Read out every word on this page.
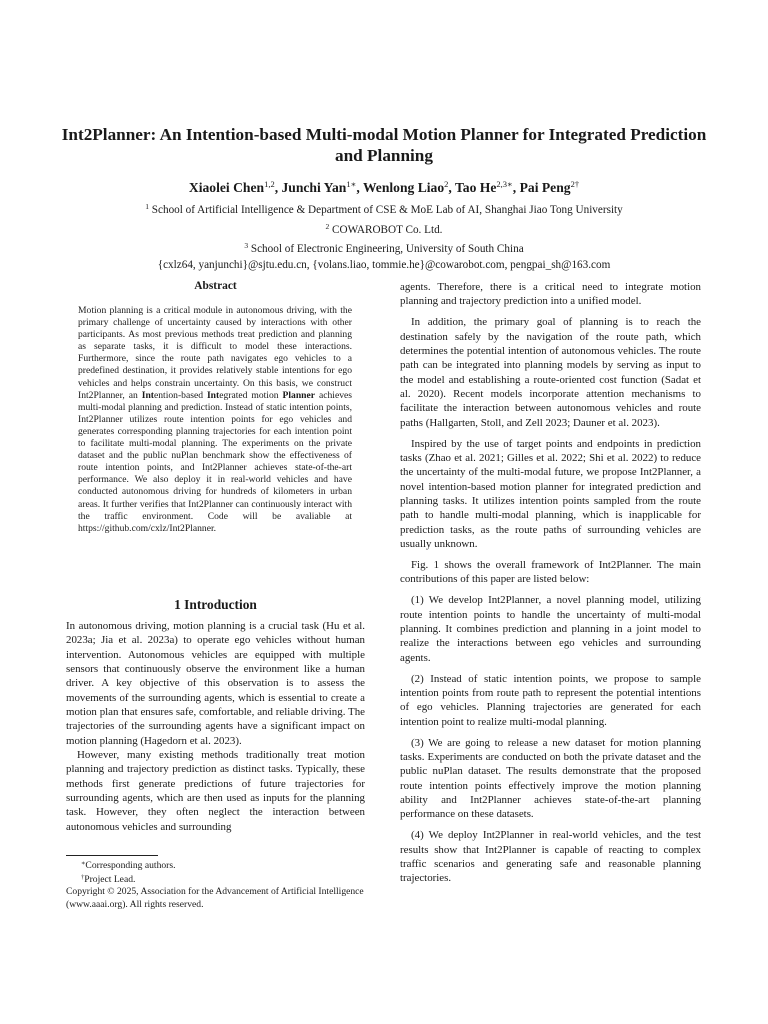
Int2Planner: An Intention-based Multi-modal Motion Planner for Integrated Prediction and Planning
Xiaolei Chen$^{1,2}$, Junchi Yan$^{1∗}$, Wenlong Liao$^2$, Tao $He^{2,3∗}$, Pai Peng$^{2\dagger}$
$^1$ School of Artificial Intelligence & Department of CSE & MoE Lab of AI, Shanghai Jiao Tong University
$^2$ COWAROBOT Co. Ltd.
$^3$ School of Electronic Engineering, University of South China
{cxlz64, yanjunchi}@sjtu.edu.cn, {volans.liao, tommie.he}@cowarobot.com, pengpai_sh@163.com
Abstract
Motion planning is a critical module in autonomous driving, with the primary challenge of uncertainty caused by interactions with other participants. As most previous methods treat prediction and planning as separate tasks, it is difficult to model these interactions. Furthermore, since the route path navigates ego vehicles to a predefined destination, it provides relatively stable intentions for ego vehicles and helps constrain uncertainty. On this basis, we construct Int2Planner, an Intention-based Integrated motion Planner achieves multi-modal planning and prediction. Instead of static intention points, Int2Planner utilizes route intention points for ego vehicles and generates corresponding planning trajectories for each intention point to facilitate multi-modal planning. The experiments on the private dataset and the public nuPlan benchmark show the effectiveness of route intention points, and Int2Planner achieves state-of-the-art performance. We also deploy it in real-world vehicles and have conducted autonomous driving for hundreds of kilometers in urban areas. It further verifies that Int2Planner can continuously interact with the traffic environment. Code will be avaliable at https://github.com/cxlz/Int2Planner.
1 Introduction

In autonomous driving, motion planning is a crucial task (Hu et al. 2023a; Jia et al. 2023a) to operate ego vehicles without human intervention. Autonomous vehicles are equipped with multiple sensors that continuously observe the environment like a human driver. A key objective of this observation is to assess the movements of the surrounding agents, which is essential to create a motion plan that ensures safe, comfortable, and reliable driving. The trajectories of the surrounding agents have a significant impact on motion planning (Hagedorn et al. 2023).

However, many existing methods traditionally treat motion planning and trajectory prediction as distinct tasks. Typically, these methods first generate predictions of future trajectories for surrounding agents, which are then used as inputs for the planning task. However, they often neglect the interaction between autonomous vehicles and surrounding

∗Corresponding authors.
†Project Lead.
Copyright © 2025, Association for the Advancement of Artificial Intelligence (www.aaai.org). All rights reserved.

agents. Therefore, there is a critical need to integrate motion planning and trajectory prediction into a unified model.

In addition, the primary goal of planning is to reach the destination safely by the navigation of the route path, which determines the potential intention of autonomous vehicles. The route path can be integrated into planning models by serving as input to the model and establishing a route-oriented cost function (Sadat et al. 2020). Recent models incorporate attention mechanisms to facilitate the interaction between autonomous vehicles and route paths (Hallgarten, Stoll, and Zell 2023; Dauner et al. 2023).

Inspired by the use of target points and endpoints in prediction tasks (Zhao et al. 2021; Gilles et al. 2022; Shi et al. 2022) to reduce the uncertainty of the multi-modal future, we propose Int2Planner, a novel intention-based motion planner for integrated prediction and planning tasks. It utilizes intention points sampled from the route path to handle multi-modal planning, which is inapplicable for prediction tasks, as the route paths of surrounding vehicles are usually unknown.

Fig. 1 shows the overall framework of Int2Planner. The main contributions of this paper are listed below:

(1) We develop Int2Planner, a novel planning model, utilizing route intention points to handle the uncertainty of multi-modal planning. It combines prediction and planning in a joint model to realize the interactions between ego vehicles and surrounding agents.

(2) Instead of static intention points, we propose to sample intention points from route path to represent the potential intentions of ego vehicles. Planning trajectories are generated for each intention point to realize multi-modal planning.

(3) We are going to release a new dataset for motion planning tasks. Experiments are conducted on both the private dataset and the public nuPlan dataset. The results demonstrate that the proposed route intention points effectively improve the motion planning ability and Int2Planner achieves state-of-the-art planning performance on these datasets.

(4) We deploy Int2Planner in real-world vehicles, and the test results show that Int2Planner is capable of reacting to complex traffic scenarios and generating safe and reasonable planning trajectories.
